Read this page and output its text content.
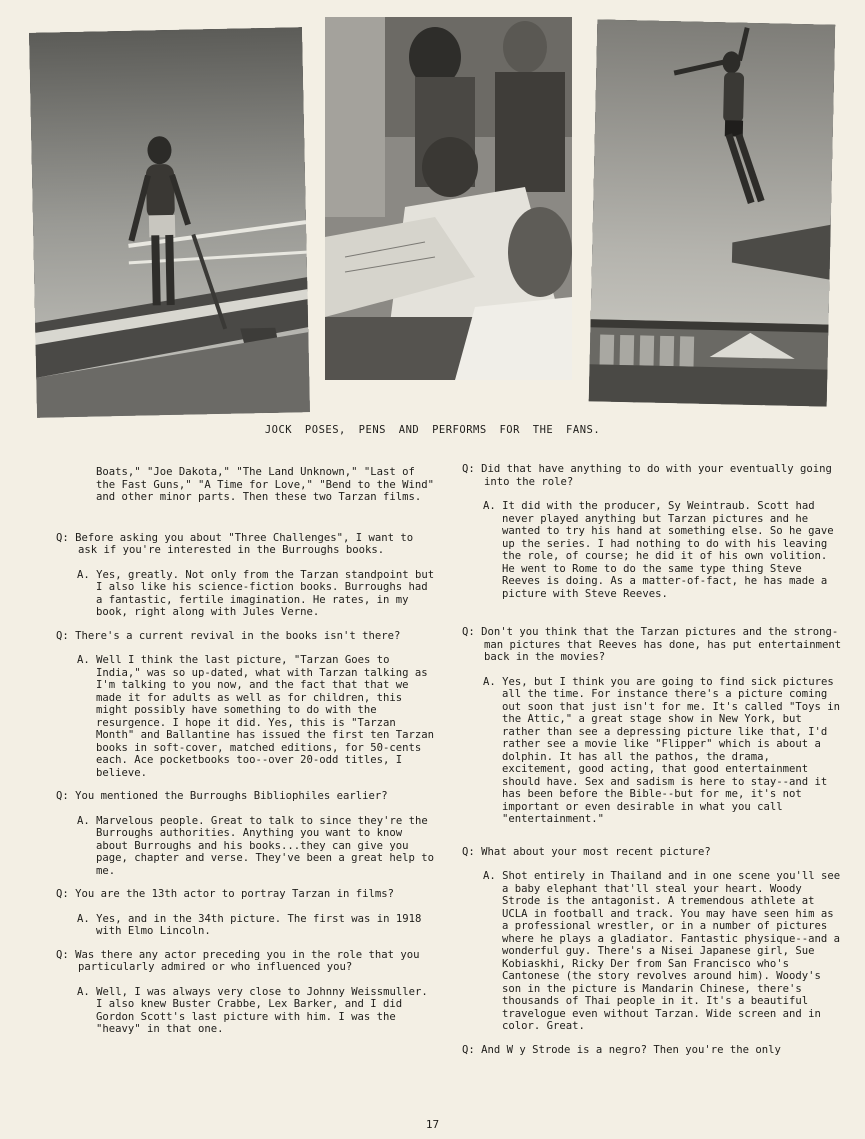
JOCK POSES, PENS AND PERFORMS FOR THE FANS.

Boats," "Joe Dakota," "The Land Unknown," "Last of the Fast Guns," "A Time for Love," "Bend to the Wind" and other minor parts. Then these two Tarzan films.

Q: Before asking you about "Three Challenges", I want to ask if you're interested in the Burroughs books.

A. Yes, greatly. Not only from the Tarzan standpoint but I also like his science-fiction books. Burroughs had a fantastic, fertile imagination. He rates, in my book, right along with Jules Verne.

Q: There's a current revival in the books isn't there?

A. Well I think the last picture, "Tarzan Goes to India," was so up-dated, what with Tarzan talking as I'm talking to you now, and the fact that that we made it for adults as well as for children, this might possibly have something to do with the resurgence. I hope it did. Yes, this is "Tarzan Month" and Ballantine has issued the first ten Tarzan books in soft-cover, matched editions, for 50-cents each. Ace pocketbooks too--over 20-odd titles, I believe.

Q: You mentioned the Burroughs Bibliophiles earlier?

A. Marvelous people. Great to talk to since they're the Burroughs authorities. Anything you want to know about Burroughs and his books...they can give you page, chapter and verse. They've been a great help to me.

Q: You are the 13th actor to portray Tarzan in films?

A. Yes, and in the 34th picture. The first was in 1918 with Elmo Lincoln.

Q: Was there any actor preceding you in the role that you particularly admired or who influenced you?

A. Well, I was always very close to Johnny Weissmuller. I also knew Buster Crabbe, Lex Barker, and I did Gordon Scott's last picture with him. I was the "heavy" in that one.

Q: Did that have anything to do with your eventually going into the role?

A. It did with the producer, Sy Weintraub. Scott had never played anything but Tarzan pictures and he wanted to try his hand at something else. So he gave up the series. I had nothing to do with his leaving the role, of course; he did it of his own volition. He went to Rome to do the same type thing Steve Reeves is doing. As a matter-of-fact, he has made a picture with Steve Reeves.

Q: Don't you think that the Tarzan pictures and the strong-man pictures that Reeves has done, has put entertainment back in the movies?

A. Yes, but I think you are going to find sick pictures all the time. For instance there's a picture coming out soon that just isn't for me. It's called "Toys in the Attic," a great stage show in New York, but rather than see a depressing picture like that, I'd rather see a movie like "Flipper" which is about a dolphin. It has all the pathos, the drama, excitement, good acting, that good entertainment should have. Sex and sadism is here to stay--and it has been before the Bible--but for me, it's not important or even desirable in what you call "entertainment."

Q: What about your most recent picture?

A. Shot entirely in Thailand and in one scene you'll see a baby elephant that'll steal your heart. Woody Strode is the antagonist. A tremendous athlete at UCLA in football and track. You may have seen him as a professional wrestler, or in a number of pictures where he plays a gladiator. Fantastic physique--and a wonderful guy. There's a Nisei Japanese girl, Sue Kobiaskhi, Ricky Der from San Francisco who's Cantonese (the story revolves around him). Woody's son in the picture is Mandarin Chinese, there's thousands of Thai people in it. It's a beautiful travelogue even without Tarzan. Wide screen and in color. Great.

Q: And W y Strode is a negro? Then you're the only

17
